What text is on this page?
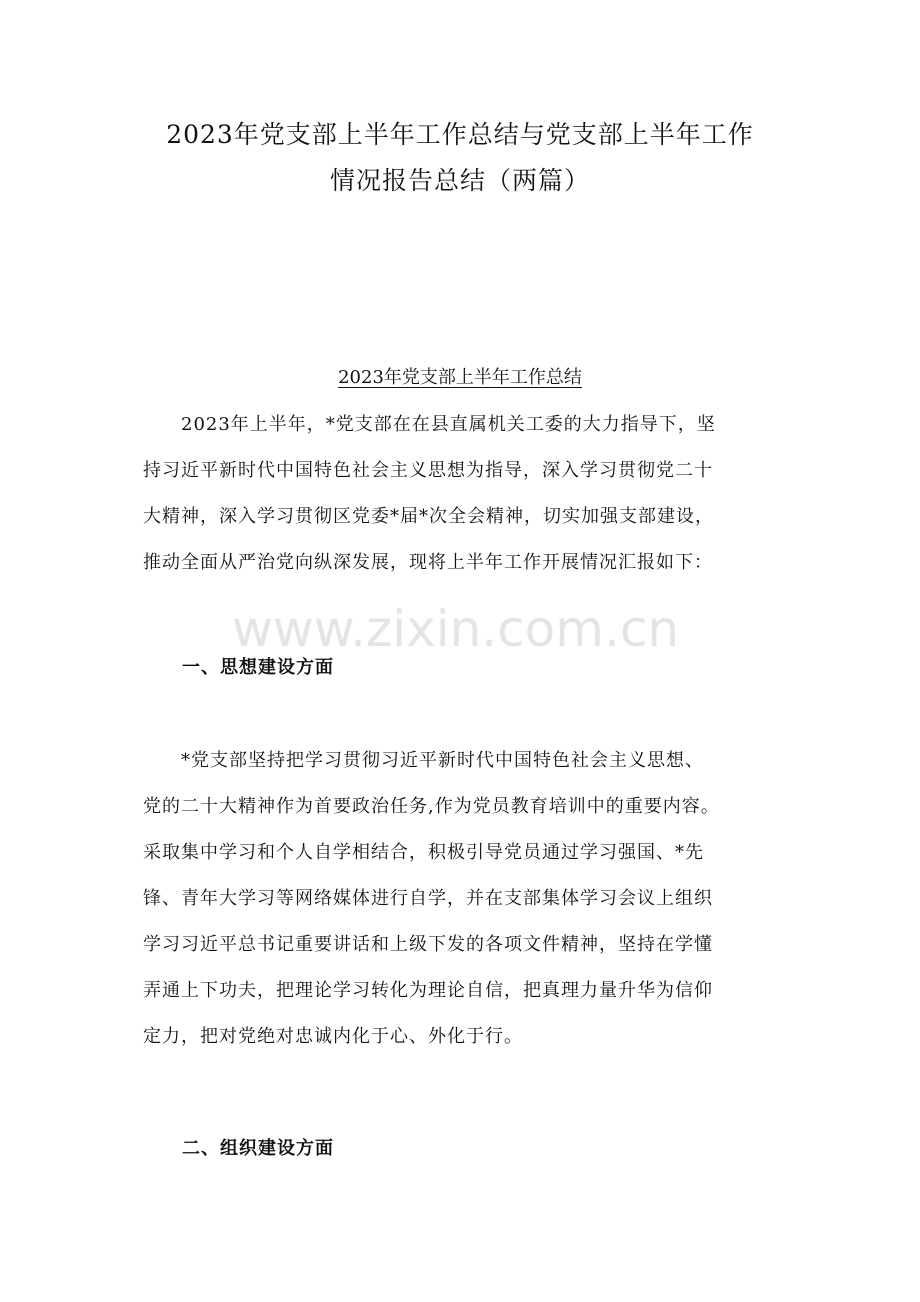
2023年党支部上半年工作总结与党支部上半年工作
情况报告总结（两篇）
2023年党支部上半年工作总结

2023年上半年，*党支部在在县直属机关工委的大力指导下，坚
持习近平新时代中国特色社会主义思想为指导，深入学习贯彻党二十
大精神，深入学习贯彻区党委*届*次全会精神，切实加强支部建设，
推动全面从严治党向纵深发展，现将上半年工作开展情况汇报如下：

www.zixin.com.cn
一、思想建设方面

*党支部坚持把学习贯彻习近平新时代中国特色社会主义思想、
党的二十大精神作为首要政治任务,作为党员教育培训中的重要内容。
采取集中学习和个人自学相结合，积极引导党员通过学习强国、*先
锋、青年大学习等网络媒体进行自学，并在支部集体学习会议上组织
学习习近平总书记重要讲话和上级下发的各项文件精神，坚持在学懂
弄通上下功夫，把理论学习转化为理论自信，把真理力量升华为信仰
定力，把对党绝对忠诚内化于心、外化于行。

二、组织建设方面
